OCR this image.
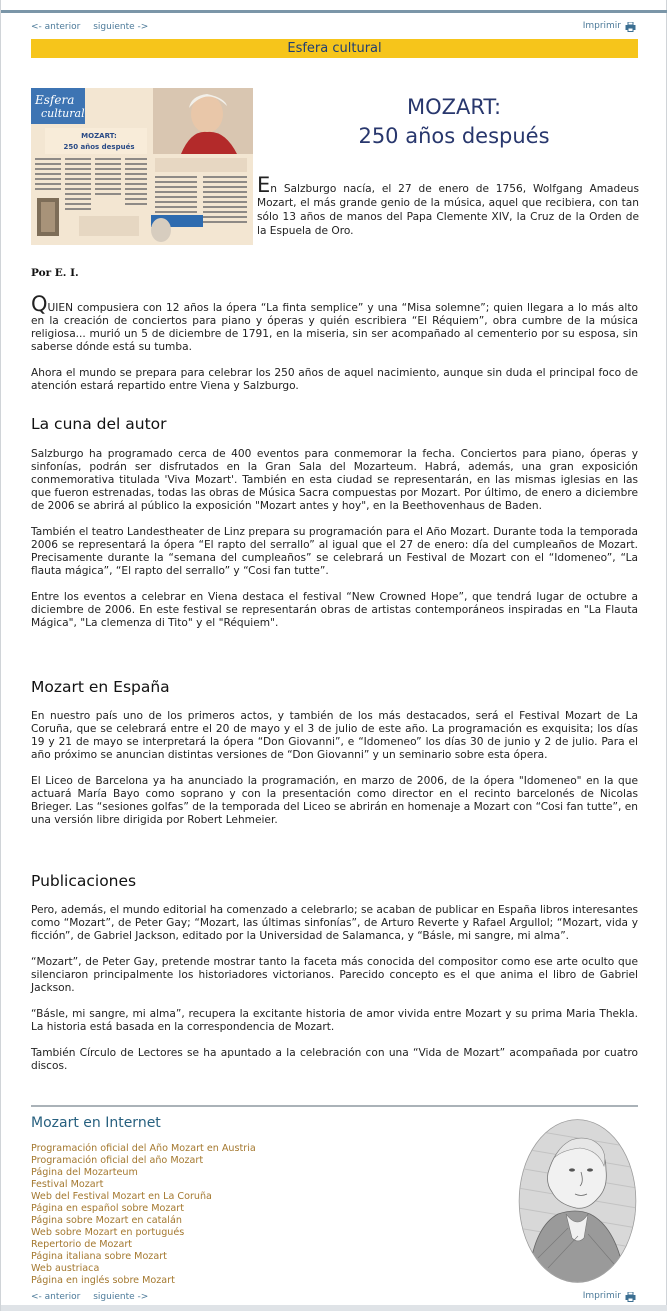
<- anterior siguiente ->	Imprimir
Esfera cultural
Esfera
cultural
MOZART:
250 años después
MOZART:
250 años después
En Salzburgo nacía, el 27 de enero de 1756, Wolfgang Amadeus Mozart, el más grande genio de la música, aquel que recibiera, con tan sólo 13 años de manos del Papa Clemente XIV, la Cruz de la Orden de la Espuela de Oro.
Por E. I.

QUIEN compusiera con 12 años la ópera “La finta semplice” y una “Misa solemne”; quien llegara a lo más alto en la creación de conciertos para piano y óperas y quién escribiera “El Réquiem”, obra cumbre de la música religiosa... murió un 5 de diciembre de 1791, en la miseria, sin ser acompañado al cementerio por su esposa, sin saberse dónde está su tumba.

Ahora el mundo se prepara para celebrar los 250 años de aquel nacimiento, aunque sin duda el principal foco de atención estará repartido entre Viena y Salzburgo.

La cuna del autor

Salzburgo ha programado cerca de 400 eventos para conmemorar la fecha. Conciertos para piano, óperas y sinfonías, podrán ser disfrutados en la Gran Sala del Mozarteum. Habrá, además, una gran exposición conmemorativa titulada 'Viva Mozart'. También en esta ciudad se representarán, en las mismas iglesias en las que fueron estrenadas, todas las obras de Música Sacra compuestas por Mozart. Por último, de enero a diciembre de 2006 se abrirá al público la exposición "Mozart antes y hoy", en la Beethovenhaus de Baden.

También el teatro Landestheater de Linz prepara su programación para el Año Mozart. Durante toda la temporada 2006 se representará la ópera “El rapto del serrallo” al igual que el 27 de enero: día del cumpleaños de Mozart. Precisamente durante la “semana del cumpleaños” se celebrará un Festival de Mozart con el “Idomeneo”, “La flauta mágica”, “El rapto del serrallo” y “Cosi fan tutte”.

Entre los eventos a celebrar en Viena destaca el festival “New Crowned Hope”, que tendrá lugar de octubre a diciembre de 2006. En este festival se representarán obras de artistas contemporáneos inspiradas en "La Flauta Mágica", "La clemenza di Tito" y el "Réquiem".

Mozart en España

En nuestro país uno de los primeros actos, y también de los más destacados, será el Festival Mozart de La Coruña, que se celebrará entre el 20 de mayo y el 3 de julio de este año. La programación es exquisita; los días 19 y 21 de mayo se interpretará la ópera “Don Giovanni”, e “Idomeneo” los días 30 de junio y 2 de julio. Para el año próximo se anuncian distintas versiones de “Don Giovanni” y un seminario sobre esta ópera.

El Liceo de Barcelona ya ha anunciado la programación, en marzo de 2006, de la ópera "Idomeneo" en la que actuará María Bayo como soprano y con la presentación como director en el recinto barcelonés de Nicolas Brieger. Las “sesiones golfas” de la temporada del Liceo se abrirán en homenaje a Mozart con “Cosi fan tutte”, en una versión libre dirigida por Robert Lehmeier.

Publicaciones

Pero, además, el mundo editorial ha comenzado a celebrarlo; se acaban de publicar en España libros interesantes como “Mozart”, de Peter Gay; “Mozart, las últimas sinfonías”, de Arturo Reverte y Rafael Argullol; “Mozart, vida y ficción”, de Gabriel Jackson, editado por la Universidad de Salamanca, y “Básle, mi sangre, mi alma”.

“Mozart”, de Peter Gay, pretende mostrar tanto la faceta más conocida del compositor como ese arte oculto que silenciaron principalmente los historiadores victorianos. Parecido concepto es el que anima el libro de Gabriel Jackson.

“Básle, mi sangre, mi alma”, recupera la excitante historia de amor vivida entre Mozart y su prima Maria Thekla. La historia está basada en la correspondencia de Mozart.

También Círculo de Lectores se ha apuntado a la celebración con una “Vida de Mozart” acompañada por cuatro discos.

Mozart en Internet
Programación oficial del Año Mozart en Austria
Programación oficial del año Mozart
Página del Mozarteum
Festival Mozart
Web del Festival Mozart en La Coruña
Página en español sobre Mozart
Página sobre Mozart en catalán
Web sobre Mozart en portugués
Repertorio de Mozart
Página italiana sobre Mozart
Web austriaca
Página en inglés sobre Mozart
<- anterior siguiente ->	Imprimir
